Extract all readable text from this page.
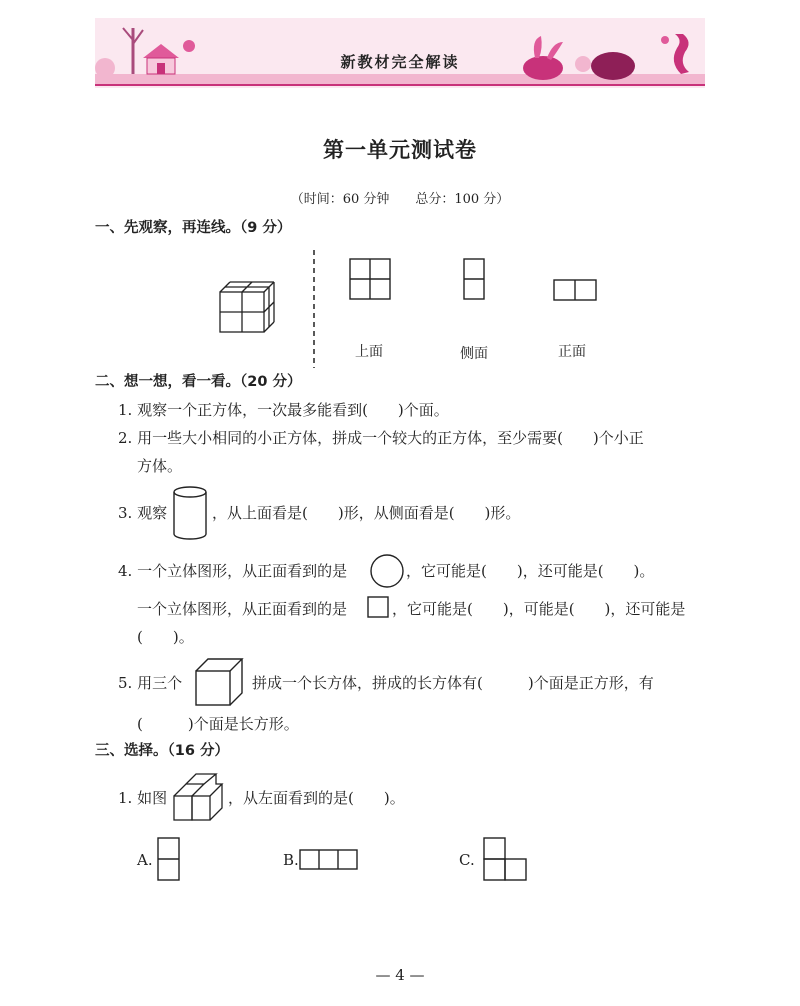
新教材完全解读
第一单元测试卷
（时间：60 分钟　　总分：100 分）
一、先观察，再连线。（9 分）
上面	侧面	正面
二、想一想，看一看。（20 分）
1. 观察一个正方体，一次最多能看到(　　)个面。
2. 用一些大小相同的小正方体，拼成一个较大的正方体，至少需要(　　)个小正
方体。
3. 观察	，从上面看是(　　)形，从侧面看是(　　)形。
4. 一个立体图形，从正面看到的是	，它可能是(　　)，还可能是(　　)。
一个立体图形，从正面看到的是	，它可能是(　　)，可能是(　　)，还可能是
(　　)。
5. 用三个	拼成一个长方体，拼成的长方体有(　　　)个面是正方形，有
(　　　)个面是长方形。
三、选择。（16 分）
1. 如图	，从左面看到的是(　　)。
A.	B.	C.
— 4 —
